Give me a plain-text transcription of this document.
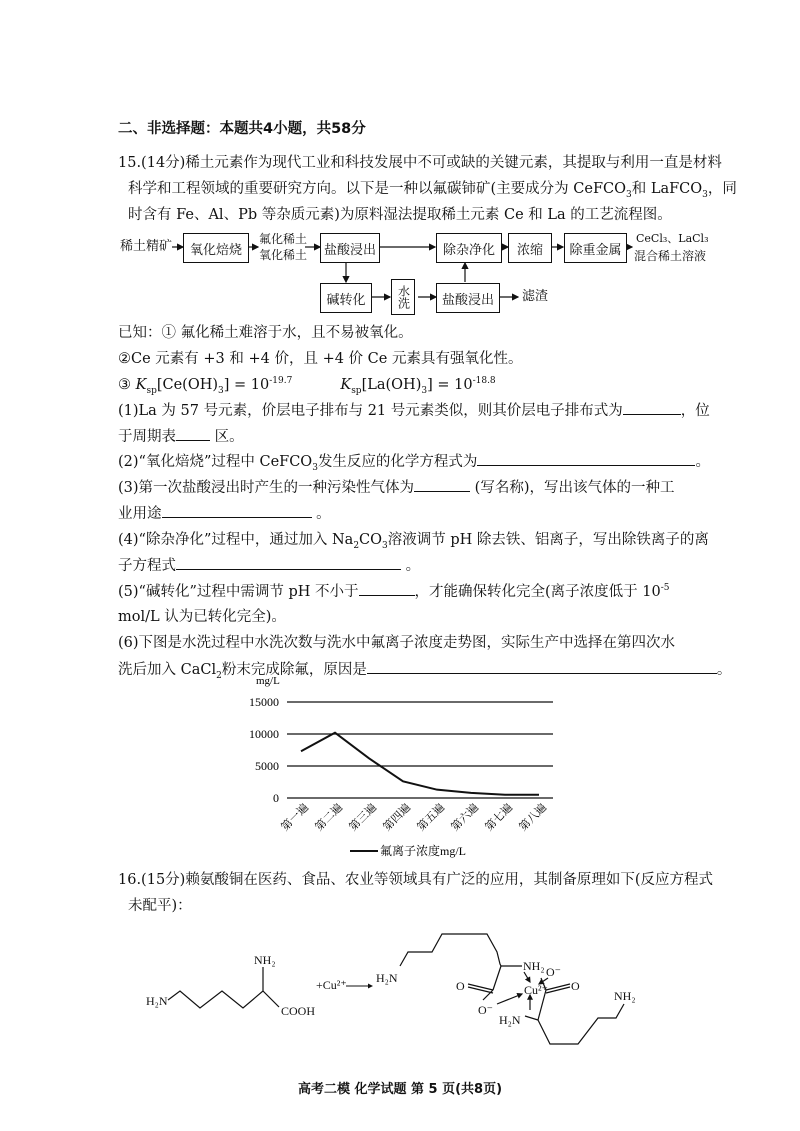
二、非选择题：本题共4小题，共58分
15.(14分)稀土元素作为现代工业和科技发展中不可或缺的关键元素，其提取与利用一直是材料
科学和工程领域的重要研究方向。以下是一种以氟碳铈矿(主要成分为 CeFCO$_3$和 LaFCO$_3$，同
时含有 Fe、Al、Pb 等杂质元素)为原料湿法提取稀土元素 Ce 和 La 的工艺流程图。
稀土精矿	氧化焙烧
氟化稀土
氧化稀土	盐酸浸出	除杂净化	浓缩	除重金属
CeCl₃、LaCl₃
混合稀土溶液
碱转化	水洗	盐酸浸出	滤渣
已知：① 氟化稀土难溶于水，且不易被氧化。
②Ce 元素有 +3 和 +4 价，且 +4 价 Ce 元素具有强氧化性。
③ $K_{sp}[Ce(OH)_3] = 10^{-19.7}$	$K_{sp}[La(OH)_3] = 10^{-18.8}$
(1)La 为 57 号元素，价层电子排布与 21 号元素类似，则其价层电子排布式为	，位
于周期表 区。
(2)“氧化焙烧”过程中 CeFCO$_3$发生反应的化学方程式为	。
(3)第一次盐酸浸出时产生的一种污染性气体为	(写名称)，写出该气体的一种工
业用途	。
(4)“除杂净化”过程中，通过加入 $Na_2CO_3$溶液调节 pH 除去铁、铝离子，写出除铁离子的离
子方程式	。
(5)“碱转化”过程中需调节 pH 不小于	，才能确保转化完全(离子浓度低于 $10^{-5}$
mol/L 认为已转化完全)。
(6)下图是水洗过程中水洗次数与洗水中氟离子浓度走势图，实际生产中选择在第四次水
洗后加入 CaCl$_2$粉末完成除氟，原因是	。
mg/L
0
5000
10000
15000
第一遍 第二遍 第三遍 第四遍 第五遍 第六遍 第七遍 第八遍
氟离子浓度mg/L
16.(15分)赖氨酸铜在医药、食品、农业等领域具有广泛的应用，其制备原理如下(反应方程式
未配平)：
H₂N
NH₂
COOH
+Cu²⁺ H₂N
NH₂
O
O⁻
Cu²⁺
O⁻
O
H₂N
NH₂
高考二模 化学试题 第 5 页(共8页)
